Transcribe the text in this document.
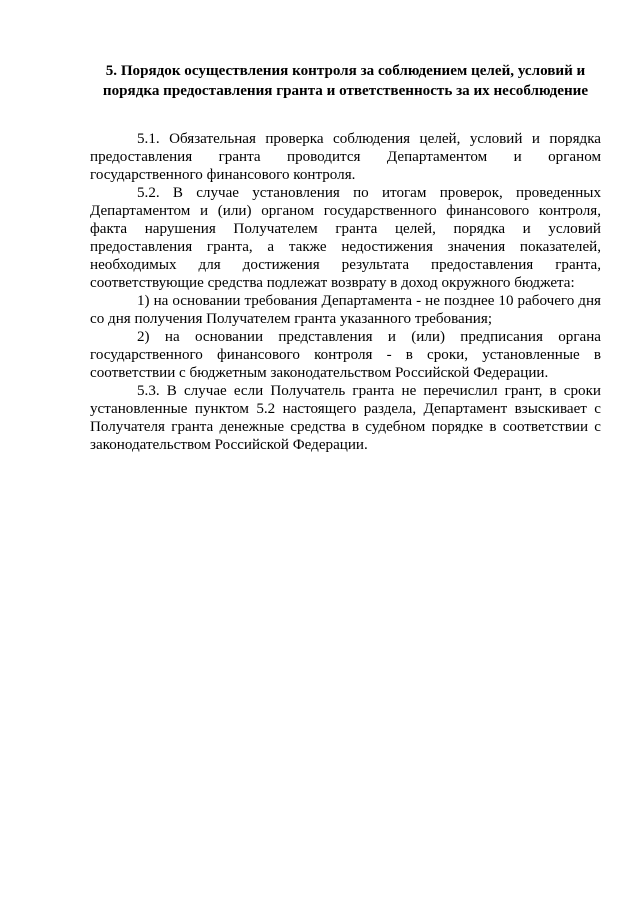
5. Порядок осуществления контроля за соблюдением целей, условий и порядка предоставления гранта и ответственность за их несоблюдение

5.1. Обязательная проверка соблюдения целей, условий и порядка предоставления гранта проводится Департаментом и органом государственного финансового контроля.

5.2. В случае установления по итогам проверок, проведенных Департаментом и (или) органом государственного финансового контроля, факта нарушения Получателем гранта целей, порядка и условий предоставления гранта, а также недостижения значения показателей, необходимых для достижения результата предоставления гранта, соответствующие средства подлежат возврату в доход окружного бюджета:

1) на основании требования Департамента - не позднее 10 рабочего дня со дня получения Получателем гранта указанного требования;

2) на основании представления и (или) предписания органа государственного финансового контроля - в сроки, установленные в соответствии с бюджетным законодательством Российской Федерации.

5.3. В случае если Получатель гранта не перечислил грант, в сроки установленные пунктом 5.2 настоящего раздела, Департамент взыскивает с Получателя гранта денежные средства в судебном порядке в соответствии с законодательством Российской Федерации.
